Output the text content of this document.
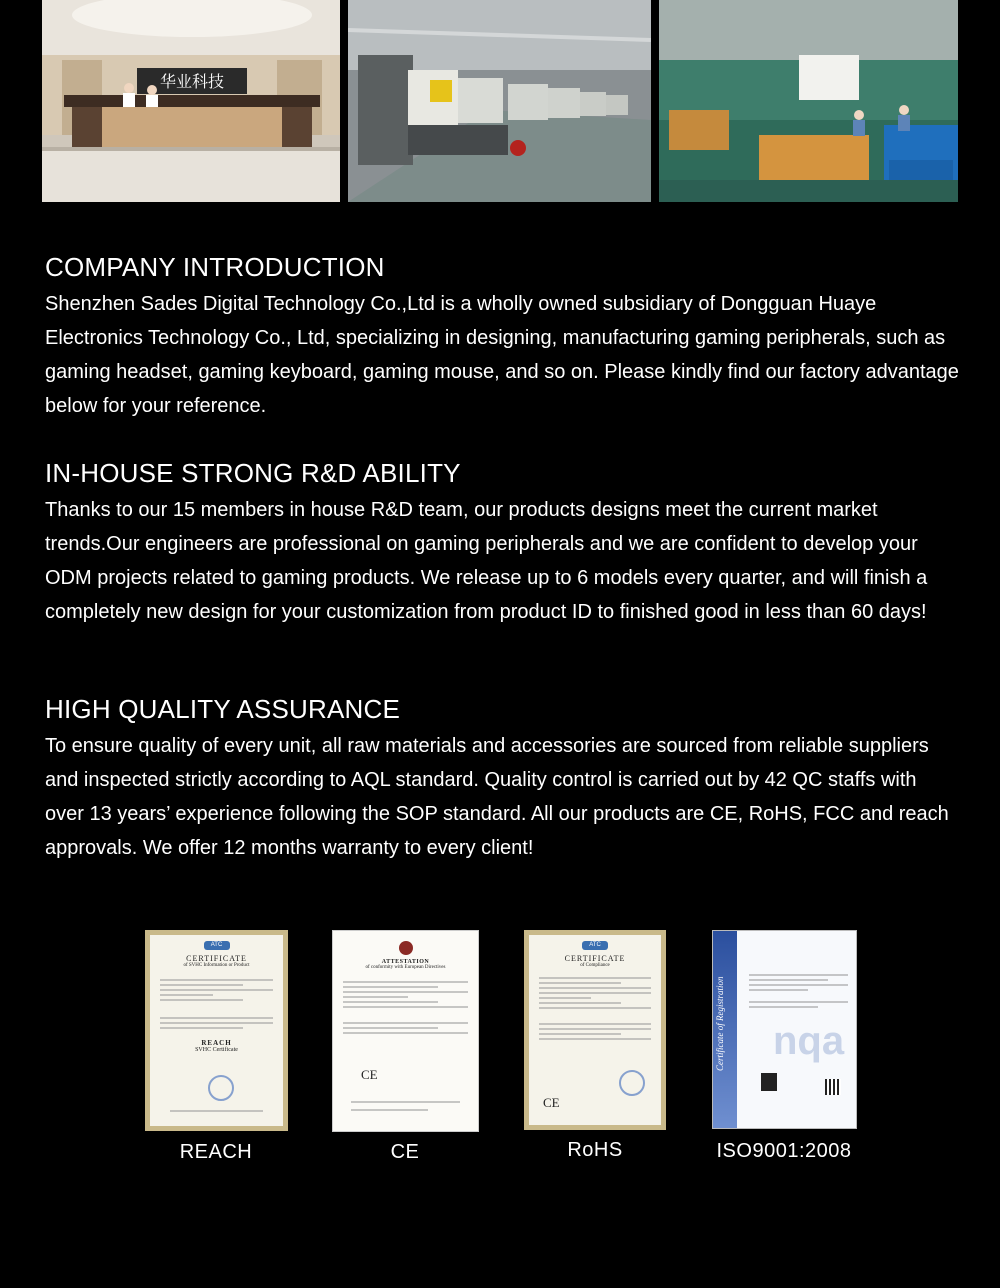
华业科技
COMPANY INTRODUCTION

Shenzhen Sades Digital Technology Co.,Ltd is a wholly owned subsidiary of Dongguan Huaye Electronics Technology Co., Ltd, specializing in designing, manufacturing gaming peripherals, such as gaming headset, gaming keyboard, gaming mouse, and so on. Please kindly find our factory advantage below for your reference.

IN-HOUSE STRONG R&D ABILITY

Thanks to our 15 members in house R&D team, our products designs meet the current market trends.Our engineers are professional on gaming peripherals and we are confident to develop your ODM projects related to gaming products. We release up to 6 models every quarter, and will finish a completely new design for your customization from product ID to finished good in less than 60 days!

HIGH QUALITY ASSURANCE

To ensure quality of every unit, all raw materials and accessories are sourced from reliable suppliers and inspected strictly according to AQL standard. Quality control is carried out by 42 QC staffs with over 13 years’ experience following the SOP standard. All our products are CE, RoHS, FCC and reach approvals. We offer 12 months warranty to every client!

ATC
CERTIFICATE
of SVHC Information or Product
REACH
SVHC Certificate
REACH
ATTESTATION
of conformity with European Directives
CE
CE
ATC
CERTIFICATE
of Compliance
CE
RoHS
Certificate of Registration nqa
ISO9001:2008
